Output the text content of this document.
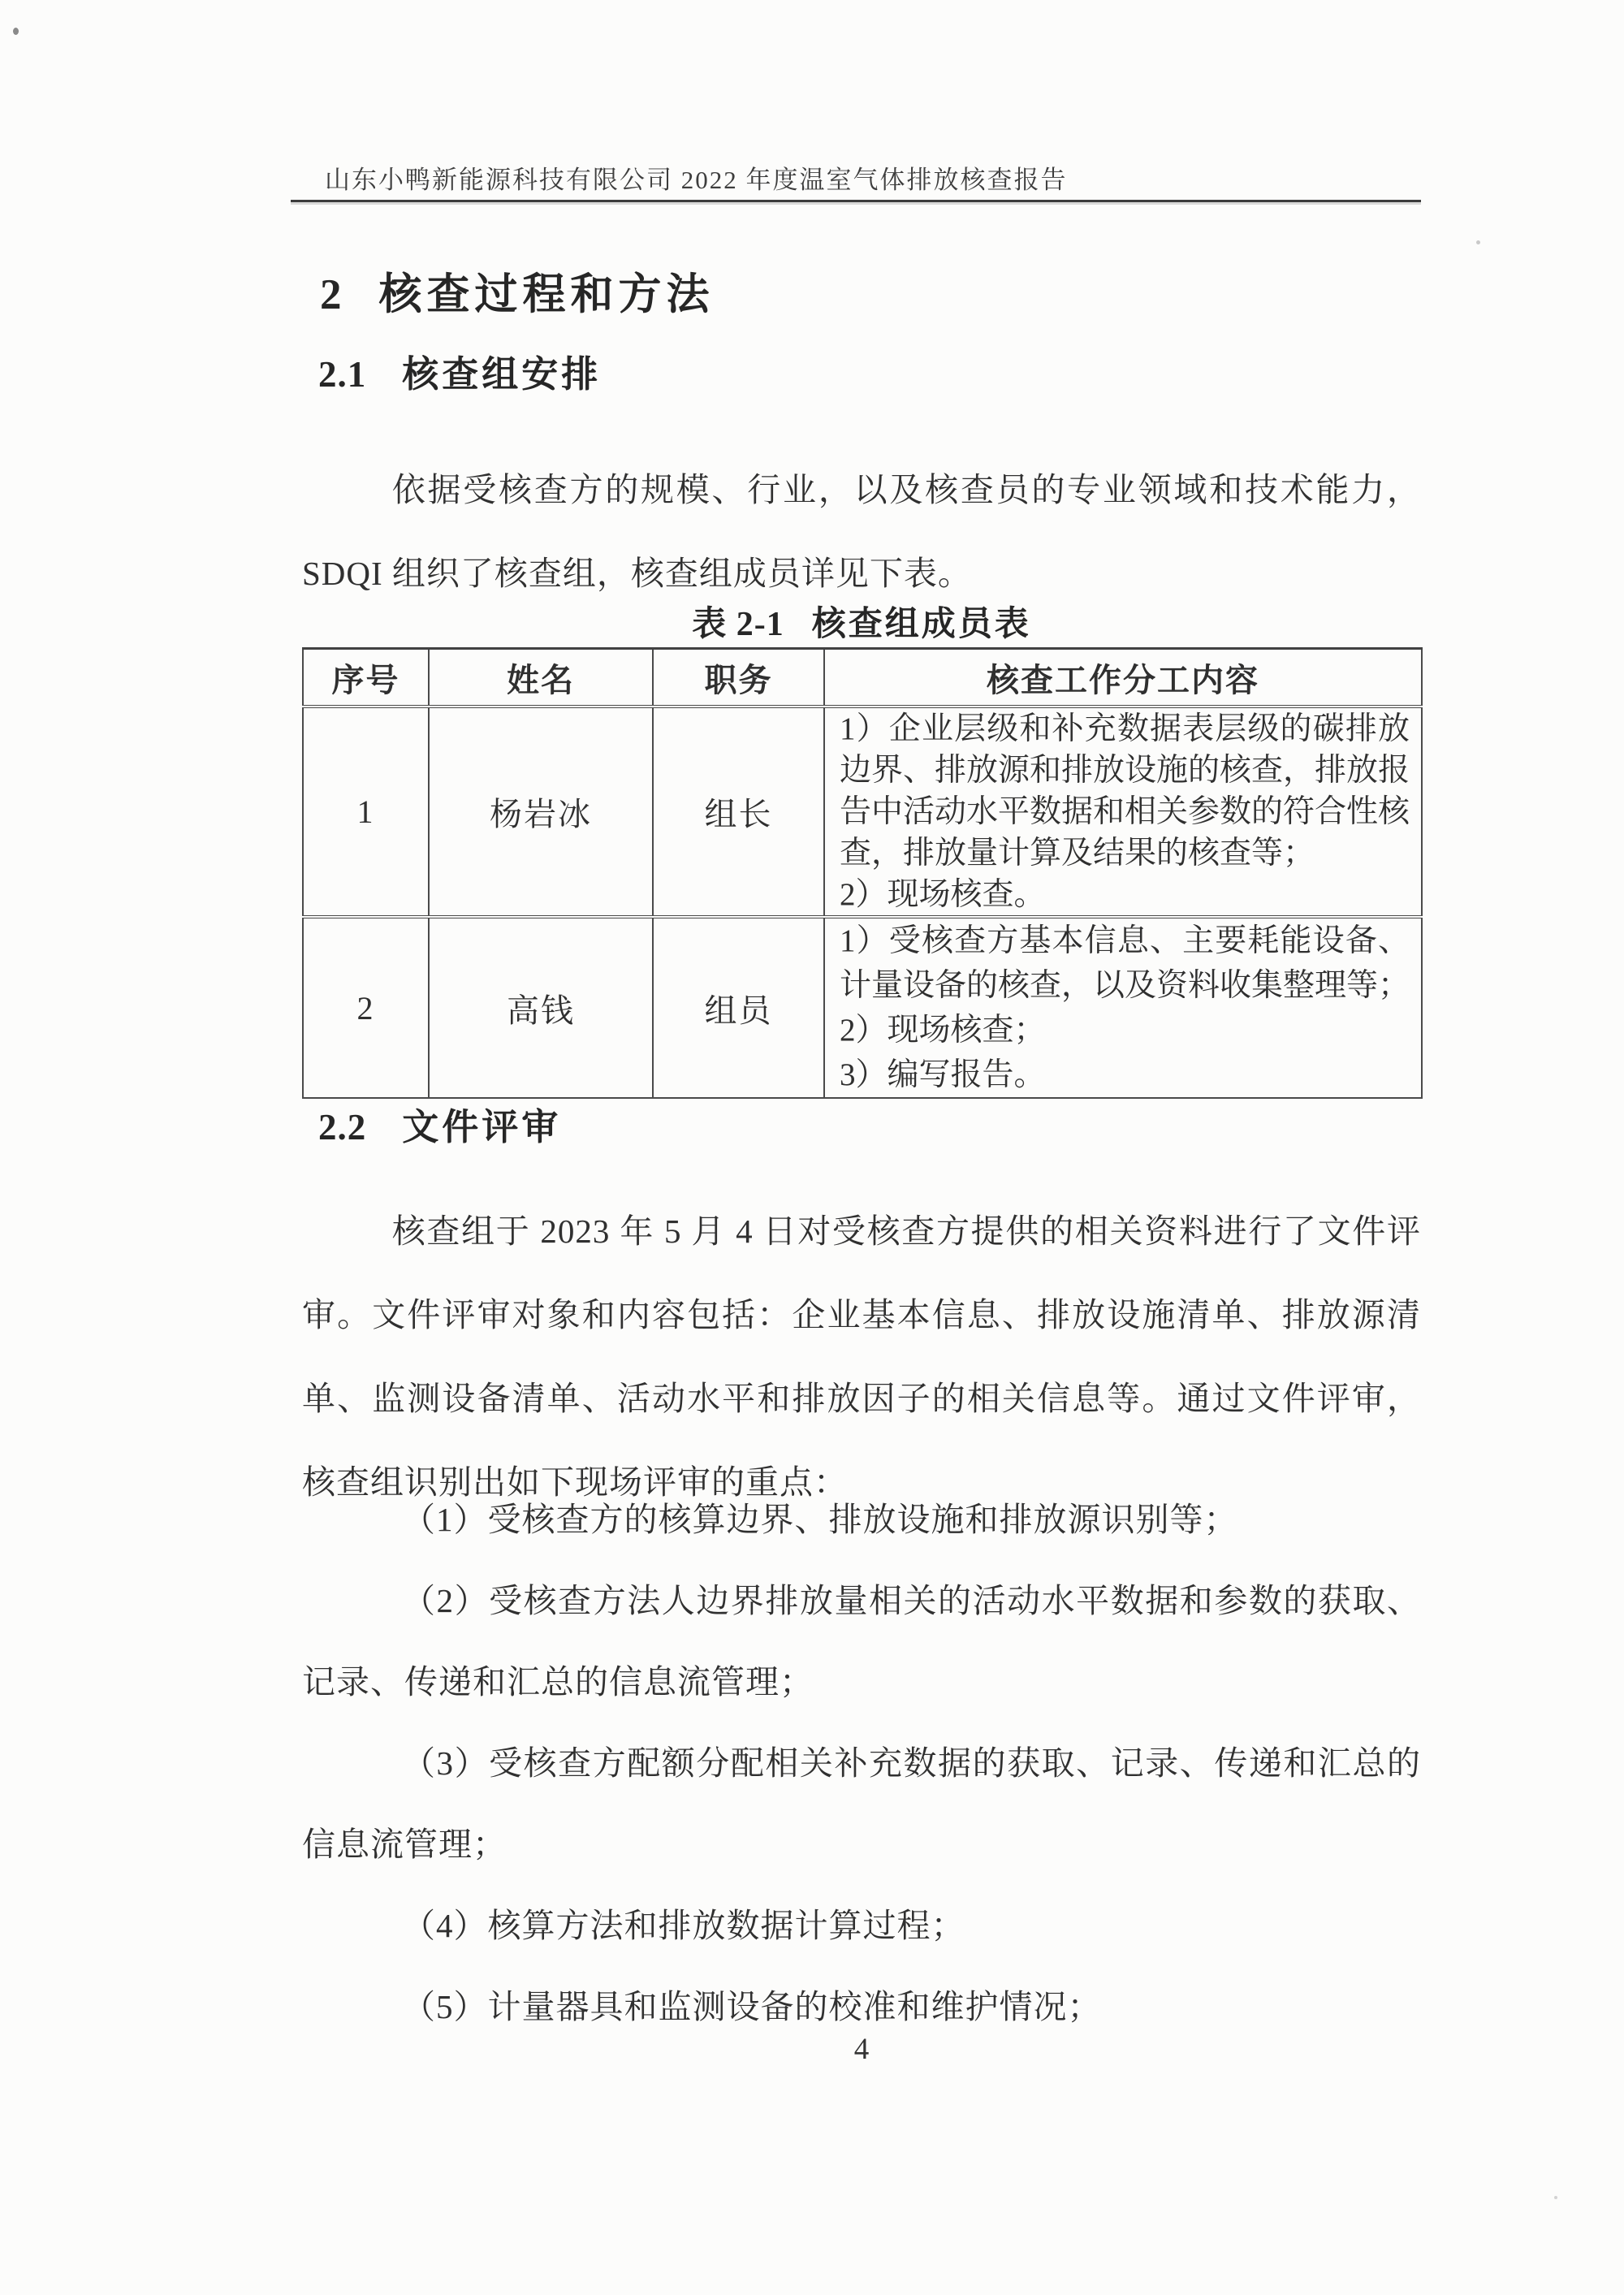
山东小鸭新能源科技有限公司 2022 年度温室气体排放核查报告
2 核查过程和方法
2.1 核查组安排

依据受核查方的规模、行业，以及核查员的专业领域和技术能力，SDQI 组织了核查组，核查组成员详见下表。

表 2-1 核查组成员表
序号	姓名	职务	核查工作分工内容
1	杨岩冰	组长	1）企业层级和补充数据表层级的碳排放边界、排放源和排放设施的核查，排放报告中活动水平数据和相关参数的符合性核查，排放量计算及结果的核查等；

2）现场核查。

2	高钱	组员	1）受核查方基本信息、主要耗能设备、计量设备的核查，以及资料收集整理等；

2）现场核查；

3）编写报告。

2.2 文件评审

核查组于 2023 年 5 月 4 日对受核查方提供的相关资料进行了文件评审。文件评审对象和内容包括：企业基本信息、排放设施清单、排放源清单、监测设备清单、活动水平和排放因子的相关信息等。通过文件评审，核查组识别出如下现场评审的重点：

（1）受核查方的核算边界、排放设施和排放源识别等；

（2）受核查方法人边界排放量相关的活动水平数据和参数的获取、记录、传递和汇总的信息流管理；

（3）受核查方配额分配相关补充数据的获取、记录、传递和汇总的信息流管理；

（4）核算方法和排放数据计算过程；

（5）计量器具和监测设备的校准和维护情况；

4
